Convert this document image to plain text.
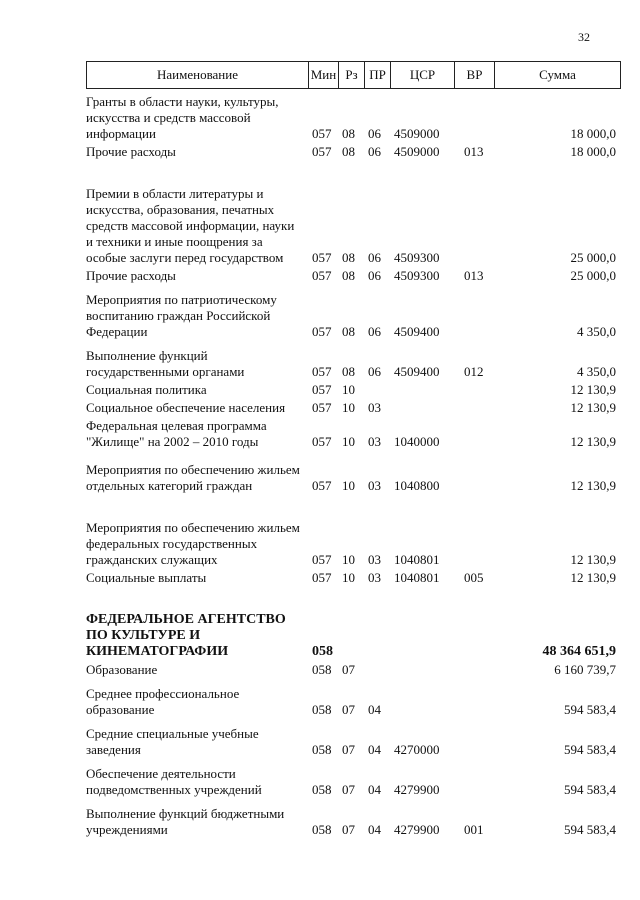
32
Наименование	Мин	Рз	ПР	ЦСР	ВР	Сумма
Гранты в области науки, культуры, искусства и средств массовой информации	057	08	06	4509000		18 000,0
Прочие расходы	057	08	06	4509000	013	18 000,0
Премии в области литературы и искусства, образования, печатных средств массовой информации, науки и техники и иные поощрения за особые заслуги перед государством	057	08	06	4509300		25 000,0
Прочие расходы	057	08	06	4509300	013	25 000,0
Мероприятия по патриотическому воспитанию граждан Российской Федерации	057	08	06	4509400		4 350,0
Выполнение функций государственными органами	057	08	06	4509400	012	4 350,0
Социальная политика	057	10				12 130,9
Социальное обеспечение населения	057	10	03			12 130,9
Федеральная целевая программа "Жилище" на 2002 – 2010 годы	057	10	03	1040000		12 130,9
Мероприятия по обеспечению жильем отдельных категорий граждан	057	10	03	1040800		12 130,9
Мероприятия по обеспечению жильем федеральных государственных гражданских служащих	057	10	03	1040801		12 130,9
Социальные выплаты	057	10	03	1040801	005	12 130,9
ФЕДЕРАЛЬНОЕ АГЕНТСТВО ПО КУЛЬТУРЕ И КИНЕМАТОГРАФИИ	058					48 364 651,9
Образование	058	07				6 160 739,7
Среднее профессиональное образование	058	07	04			594 583,4
Средние специальные учебные заведения	058	07	04	4270000		594 583,4
Обеспечение деятельности подведомственных учреждений	058	07	04	4279900		594 583,4
Выполнение функций бюджетными учреждениями	058	07	04	4279900	001	594 583,4
